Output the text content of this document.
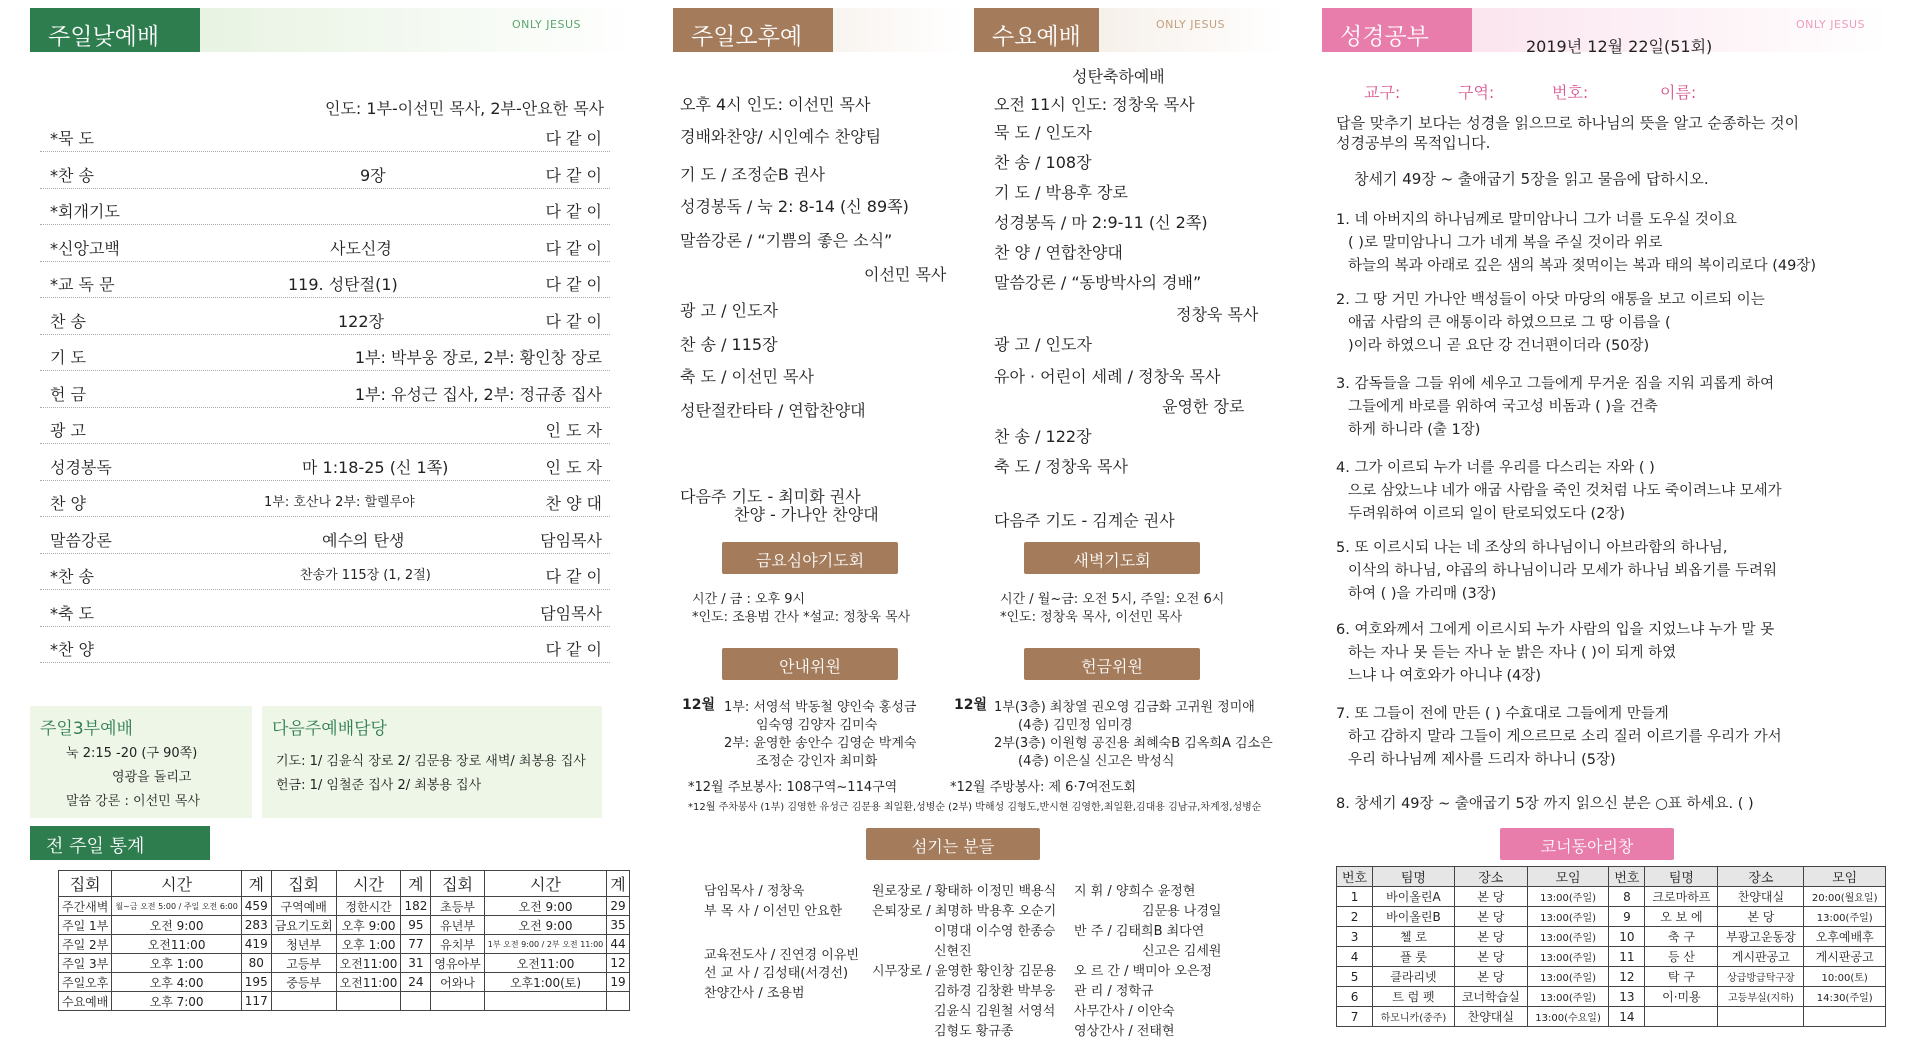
주일낮예배	ONLY JESUS
인도: 1부-이선민 목사, 2부-안요한 목사
*묵 도	다 같 이
*찬 송	9장	다 같 이
*회개기도	다 같 이
*신앙고백	사도신경	다 같 이
*교 독 문	119. 성탄절(1)	다 같 이
찬 송	122장	다 같 이
기 도	1부: 박부웅 장로, 2부: 황인창 장로
헌 금	1부: 유성근 집사, 2부: 정규종 집사
광 고	인 도 자
성경봉독	마 1:18-25 (신 1쪽)	인 도 자
찬 양	1부: 호산나 2부: 할렐루야	찬 양 대
말씀강론	예수의 탄생	담임목사
*찬 송	찬송가 115장 (1, 2절)	다 같 이
*축 도	담임목사
*찬 양	다 같 이
주일3부예배
눅 2:15 -20 (구 90쪽)
영광을 돌리고
말씀 강론 : 이선민 목사
다음주예배담당
기도: 1/ 김윤식 장로 2/ 김문용 장로 새벽/ 최봉용 집사
헌금: 1/ 임철준 집사 2/ 최봉용 집사
전 주일 통계
집회	시간	계	집회	시간	계	집회	시간	계
주간새벽	월~금 오전 5:00 / 주일 오전 6:00	459	구역예배	정한시간	182	초등부	오전 9:00	29
주일 1부	오전 9:00	283	금요기도회	오후 9:00	95	유년부	오전 9:00	35
주일 2부	오전11:00	419	청년부	오후 1:00	77	유치부	1부 오전 9:00 / 2부 오전 11:00	44
주일 3부	오후 1:00	80	고등부	오전11:00	31	영유아부	오전11:00	12
주일오후	오후 4:00	195	중등부	오전11:00	24	어와나	오후1:00(토)	19
수요예배	오후 7:00	117						
주일오후예배
오후 4시 인도: 이선민 목사
경배와찬양/ 시인예수 찬양팀
기 도 / 조정순B 권사
성경봉독 / 눅 2: 8-14 (신 89쪽)
말씀강론 / “기쁨의 좋은 소식”
이선민 목사
광 고 / 인도자
찬 송 / 115장
축 도 / 이선민 목사
성탄절칸타타 / 연합찬양대
다음주 기도 - 최미화 권사
찬양 - 가나안 찬양대
수요예배	ONLY JESUS
성탄축하예배
오전 11시 인도: 정창욱 목사
묵 도 / 인도자
찬 송 / 108장
기 도 / 박용후 장로
성경봉독 / 마 2:9-11 (신 2쪽)
찬 양 / 연합찬양대
말씀강론 / “동방박사의 경배”
정창욱 목사
광 고 / 인도자
유아 · 어린이 세례 / 정창욱 목사
윤영한 장로
찬 송 / 122장
축 도 / 정창욱 목사
다음주 기도 - 김계순 권사
금요심야기도회
시간 / 금 : 오후 9시
*인도: 조용범 간사 *설교: 정창욱 목사
새벽기도회
시간 / 월~금: 오전 5시, 주일: 오전 6시
*인도: 정창욱 목사, 이선민 목사
안내위원
12월 1부: 서영석 박동철 양인숙 홍성금
임숙영 김양자 김미숙
2부: 윤영한 송안수 김영순 박계숙
조정순 강인자 최미화
*12월 주보봉사: 108구역~114구역
헌금위원
12월 1부(3층) 최창열 권오영 김금화 고귀원 정미애
(4층) 김민정 임미경
2부(3층) 이원형 공진용 최혜숙B 김옥희A 김소은
(4층) 이은실 신고은 박성식
*12월 주방봉사: 제 6·7여전도회
*12월 주차봉사 (1부) 김영한 유성근 김문용 최일환,성병순 (2부) 박해성 김형도,반시현 김영한,최일환,김대용 김남규,차계정,성병순
섬기는 분들
담임목사 / 정창욱
부 목 사 / 이선민 안요한
교육전도사 / 진연경 이유빈
선 교 사 / 김성태(서경선)
찬양간사 / 조용범
원로장로 / 황태하 이정민 백용식
은퇴장로 / 최명하 박용후 오순기
이명대 이수영 한종승
신현진
시무장로 / 윤영한 황인창 김문용
김하경 김창환 박부웅
김윤식 김원철 서영석
김형도 황규종
지 휘 / 양희수 윤정현
김문용 나경일
반 주 / 김태희B 최다연
신고은 김세원
오 르 간 / 백미아 오은정
관 리 / 정학규
사무간사 / 이안숙
영상간사 / 전태현
성경공부	ONLY JESUS
2019년 12월 22일(51회)
교구:	구역:	번호:	이름:
답을 맞추기 보다는 성경을 읽으므로 하나님의 뜻을 알고 순종하는 것이
성경공부의 목적입니다.
창세기 49장 ~ 출애굽기 5장을 읽고 물음에 답하시오.
1. 네 아버지의 하나님께로 말미암나니 그가 너를 도우실 것이요
( )로 말미암나니 그가 네게 복을 주실 것이라 위로
하늘의 복과 아래로 깊은 샘의 복과 젖먹이는 복과 태의 복이리로다 (49장)
2. 그 땅 거민 가나안 백성들이 아닷 마당의 애통을 보고 이르되 이는
애굽 사람의 큰 애통이라 하였으므로 그 땅 이름을 (
)이라 하였으니 곧 요단 강 건너편이더라 (50장)
3. 감독들을 그들 위에 세우고 그들에게 무거운 짐을 지워 괴롭게 하여
그들에게 바로를 위하여 국고성 비돔과 ( )을 건축
하게 하니라 (출 1장)
4. 그가 이르되 누가 너를 우리를 다스리는 자와 ( )
으로 삼았느냐 네가 애굽 사람을 죽인 것처럼 나도 죽이려느냐 모세가
두려워하여 이르되 일이 탄로되었도다 (2장)
5. 또 이르시되 나는 네 조상의 하나님이니 아브라함의 하나님,
이삭의 하나님, 야곱의 하나님이니라 모세가 하나님 뵈옵기를 두려워
하여 ( )을 가리매 (3장)
6. 여호와께서 그에게 이르시되 누가 사람의 입을 지었느냐 누가 말 못
하는 자나 못 듣는 자나 눈 밝은 자나 ( )이 되게 하였
느냐 나 여호와가 아니냐 (4장)
7. 또 그들이 전에 만든 ( ) 수효대로 그들에게 만들게
하고 감하지 말라 그들이 게으르므로 소리 질러 이르기를 우리가 가서
우리 하나님께 제사를 드리자 하나니 (5장)
8. 창세기 49장 ~ 출애굽기 5장 까지 읽으신 분은 ○표 하세요. ( )
코너동아리창
번호	팀명	장소	모임	번호	팀명	장소	모임
1	바이올린A	본 당	13:00(주일)	8	크로마하프	찬양대실	20:00(월요일)
2	바이올린B	본 당	13:00(주일)	9	오 보 에	본 당	13:00(주일)
3	첼 로	본 당	13:00(주일)	10	축 구	부광고운동장	오후예배후
4	플 룻	본 당	13:00(주일)	11	등 산	게시판공고	게시판공고
5	클라리넷	본 당	13:00(주일)	12	탁 구	상급방급탁구장	10:00(토)
6	트 럼 펫	코너학습실	13:00(주일)	13	이·미용	고등부실(지하)	14:30(주일)
7	하모니카(중주)	찬양대실	13:00(수요일)	14			
